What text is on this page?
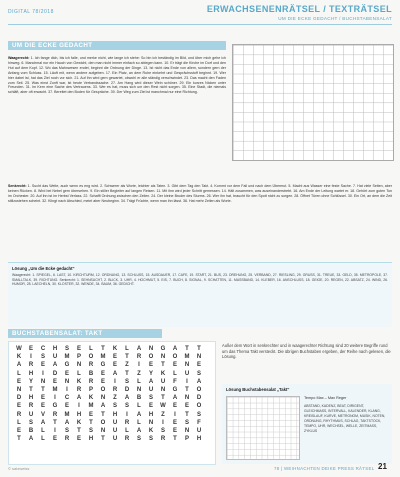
DIGITAL 78/2018	ERWACHSENENRÄTSEL / TEXTRÄTSEL
UM DIE ECKE GEDACHT / BUCHSTABENSALAT
UM DIE ECKE GEDACHT
Waagerecht: 1. Ich fange dich, bis ich falle, und merke nicht, wie lange ich stehe: So bin ich beständig im Bild, und über mich gehe ich hinweg. 6. Manchmal nur ein Hauch von Gewicht, den man nicht immer einfach so ablegen kann. 10. Er trägt die Kirche im Dorf und den Hut auf dem Kopf. 12. Wo das Mahnwesen endet, beginnt die Ordnung der Dinge. 13. Ist nicht das Ende von allem, sondern gern der Anfang vom Schluss. 15. Läuft mit, wenn andere aufgeben. 17. Ein Platz, an dem Ruhe einkehrt und Gesprächsstoff beginnt. 19. Wer hier dabei ist, hat das Ziel noch vor sich. 21. Auf ihn wird gern gewartet, obwohl er alle ständig verschwindet. 23. Das macht den Faden zum Seil. 25. Was einst Zunft war, ist heute Verbandssache. 27. Am Hang wird dieser Wein schöner. 29. Ein kurzes Nicken unter Freunden. 31. Im Kern eine Sache des Vertrauens. 33. Wer es hat, muss sich um den Rest nicht sorgen. 35. Eine Stadt, die niemals schläft, aber oft erwacht. 37. Bereitet den Boden für Gespräche. 39. Der Weg zum Ziel ist manchmal nur eine Richtung.
Senkrecht: 1. Sucht das Weite, auch wenn es eng wird. 2. Schwerer als Worte, leichter als Taten. 3. Gibt dem Tag den Takt. 4. Kommt vor dem Fall und nach dem Übermut. 5. Macht aus Wasser eine feste Sache. 7. Hat viele Seiten, aber keinen Rücken. 8. Wird bei Nebel gern übersehen. 9. Ein stiller Begleiter auf langen Reisen. 11. Mit ihm wird jeder Schritt gemessen. 14. Hält zusammen, was auseinanderstrebt. 16. Am Ende der Leitung wartet er. 18. Gehört zum guten Ton im Orchester. 20. Auf ihn ist im Herbst Verlass. 22. Schafft Ordnung zwischen den Zeilen. 24. Der kleine Bruder des Sturms. 26. Wer ihn hat, braucht für den Spott nicht zu sorgen. 28. Öffnet Türen ohne Schlüssel. 30. Ein Ort, an dem die Zeit stillzustehen scheint. 32. Klingt nach Abschied, meint aber Neubeginn. 34. Trägt Früchte, wenn man ihn lässt. 36. Hat mehr Zeilen als Worte.
Lösung „Um die Ecke gedacht“
Waagerecht: 1. SPIEGEL, 6. LAST, 10. KIRCHTURM, 12. ORDNUNG, 13. SCHLUSS, 15. AUSDAUER, 17. CAFE, 19. START, 21. BUS, 23. DREHUNG, 25. VERBAND, 27. RIESLING, 29. GRUSS, 31. TREUE, 33. GELD, 35. METROPOLE, 37. SMALLTALK, 39. RICHTUNG. Senkrecht: 1. SEHNSUCHT, 2. BLICK, 3. UHR, 4. HOCHMUT, 5. EIS, 7. BUCH, 8. SIGNAL, 9. SCHATTEN, 11. MASSBAND, 14. KLEBER, 16. ANSCHLUSS, 18. GEIGE, 20. REGEN, 22. ABSATZ, 24. WIND, 26. HUMOR, 28. LAECHELN, 30. KLOSTER, 32. WENDE, 34. BAUM, 36. GEDICHT.
BUCHSTABENSALAT: TAKT
W	E	C	H	S	E	L	T	K	L	A	N	G	A	T	T
K	I	S	U	M	P	O	M	E	T	R	O	N	O	M	N
A	R	E	A	G	N	R	G	E	Z	I	E	T	E	N	E
L	H	I	D	E	L	B	E	A	T	Z	Y	K	L	U	S
E	Y	N	E	N	K	R	E	I	S	L	A	U	F	I	A
N	T	T	M	I	R	P	O	R	D	N	U	N	G	T	O
D	H	E	I	C	A	K	N	Z	A	B	S	T	A	N	D
E	R	E	G	E	I	M	A	S	S	L	E	W	E	E	O
R	U	V	R	M	H	E	T	H	I	A	H	Z	I	T	S
L	S	A	T	A	K	T	O	U	R	L	N	I	E	S	F
E	B	L	I	S	T	S	N	U	L	A	K	S	E	N	U
T	A	L	E	R	E	H	T	U	R	S	S	R	T	P	H
Außer dem Wort in senkrechter und in waagerechter Richtung sind 20 weitere Begriffe rund um das Thema Takt versteckt. Die übrigen Buchstaben ergeben, der Reihe nach gelesen, die Lösung.
Lösung Buchstabensalat „Takt“
Tempo Max – Max Reger
ABSTAND, KADENZ, BEAT, DIRIGENT, GLEICHMASS, INTERVALL, KALENDER, KLANG, KREISLAUF, KURVE, METRONOM, MUSIK, NOTEN, ORDNUNG, RHYTHMUS, SCHLAG, TAKTSTOCK, TEMPO, UHR, WECHSEL, WELLE, ZEITMASS, ZYKLUS
© satzweiss	78 | WEIHNACHTEN DEIKE PRESS RÄTSEL 21
